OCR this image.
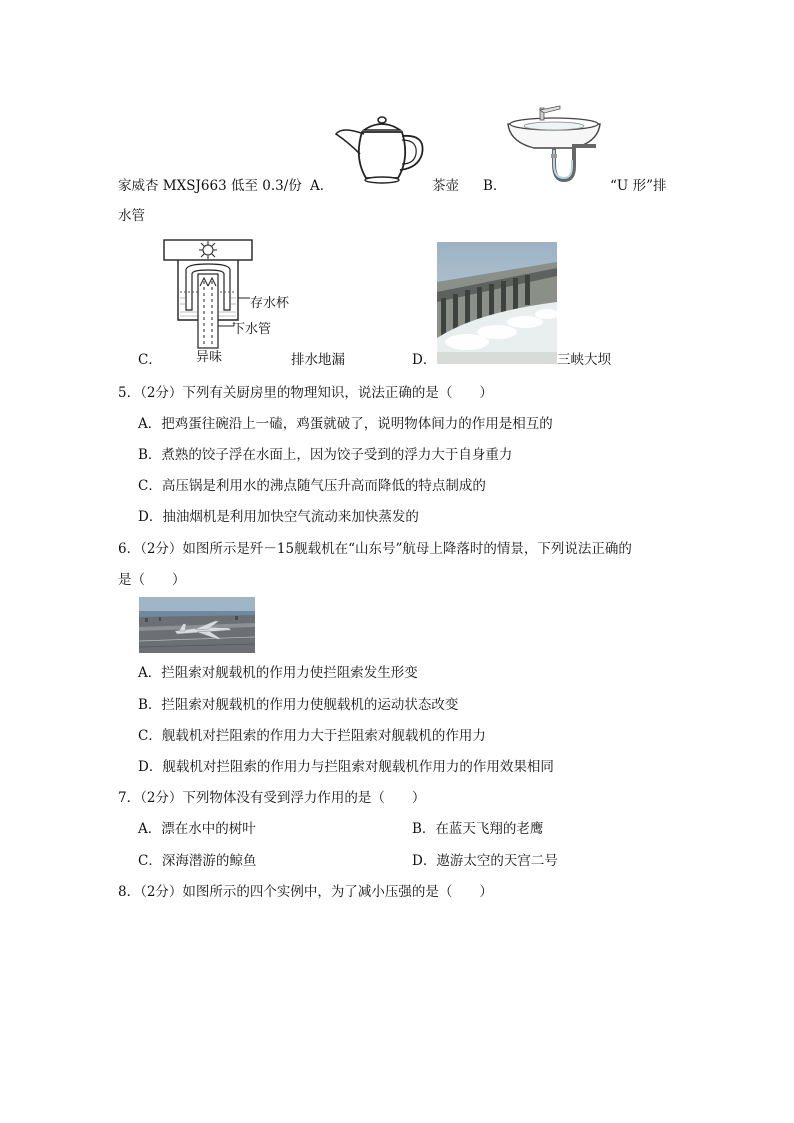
家威杏 MXSJ663 低至 0.3/份 A．	茶壶 B．	“U 形”排
水管
存水杯
下水管
异味
C．	排水地漏	D．	三峡大坝
5．（2分）下列有关厨房里的物理知识，说法正确的是（　　）
A．把鸡蛋往碗沿上一磕，鸡蛋就破了，说明物体间力的作用是相互的
B．煮熟的饺子浮在水面上，因为饺子受到的浮力大于自身重力
C．高压锅是利用水的沸点随气压升高而降低的特点制成的
D．抽油烟机是利用加快空气流动来加快蒸发的
6．（2分）如图所示是歼－15舰载机在“山东号”航母上降落时的情景，下列说法正确的
是（　　）
A．拦阻索对舰载机的作用力使拦阻索发生形变
B．拦阻索对舰载机的作用力使舰载机的运动状态改变
C．舰载机对拦阻索的作用力大于拦阻索对舰载机的作用力
D．舰载机对拦阻索的作用力与拦阻索对舰载机作用力的作用效果相同
7．（2分）下列物体没有受到浮力作用的是（　　）
A．漂在水中的树叶	B．在蓝天飞翔的老鹰
C．深海潜游的鲸鱼	D．遨游太空的天宫二号
8．（2分）如图所示的四个实例中，为了减小压强的是（　　）
